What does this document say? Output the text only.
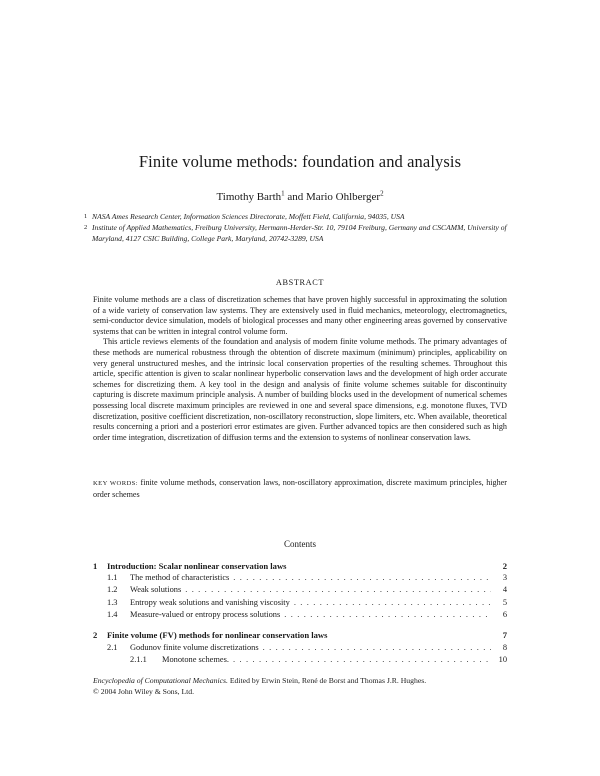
Finite volume methods: foundation and analysis
Timothy Barth$^1$ and Mario Ohlberger$^2$
1 NASA Ames Research Center, Information Sciences Directorate, Moffett Field, California, 94035, USA
2 Institute of Applied Mathematics, Freiburg University, Hermann-Herder-Str. 10, 79104 Freiburg, Germany and CSCAMM, University of Maryland, 4127 CSIC Building, College Park, Maryland, 20742-3289, USA
ABSTRACT

Finite volume methods are a class of discretization schemes that have proven highly successful in approximating the solution of a wide variety of conservation law systems. They are extensively used in fluid mechanics, meteorology, electromagnetics, semi-conductor device simulation, models of biological processes and many other engineering areas governed by conservative systems that can be written in integral control volume form.

This article reviews elements of the foundation and analysis of modern finite volume methods. The primary advantages of these methods are numerical robustness through the obtention of discrete maximum (minimum) principles, applicability on very general unstructured meshes, and the intrinsic local conservation properties of the resulting schemes. Throughout this article, specific attention is given to scalar nonlinear hyperbolic conservation laws and the development of high order accurate schemes for discretizing them. A key tool in the design and analysis of finite volume schemes suitable for discontinuity capturing is discrete maximum principle analysis. A number of building blocks used in the development of numerical schemes possessing local discrete maximum principles are reviewed in one and several space dimensions, e.g. monotone fluxes, TVD discretization, positive coefficient discretization, non-oscillatory reconstruction, slope limiters, etc. When available, theoretical results concerning a priori and a posteriori error estimates are given. Further advanced topics are then considered such as high order time integration, discretization of diffusion terms and the extension to systems of nonlinear conservation laws.

KEY WORDS: finite volume methods, conservation laws, non-oscillatory approximation, discrete maximum principles, higher order schemes
Contents
1	Introduction: Scalar nonlinear conservation laws	2
1.1	The method of characteristics . . .	3
1.2	Weak solutions . . .	4
1.3	Entropy weak solutions and vanishing viscosity . . .	5
1.4	Measure-valued or entropy process solutions . . .	6
2	Finite volume (FV) methods for nonlinear conservation laws	7
2.1	Godunov finite volume discretizations . . .	8
2.1.1	Monotone schemes. . . .	10
Encyclopedia of Computational Mechanics. Edited by Erwin Stein, René de Borst and Thomas J.R. Hughes.
© 2004 John Wiley & Sons, Ltd.
